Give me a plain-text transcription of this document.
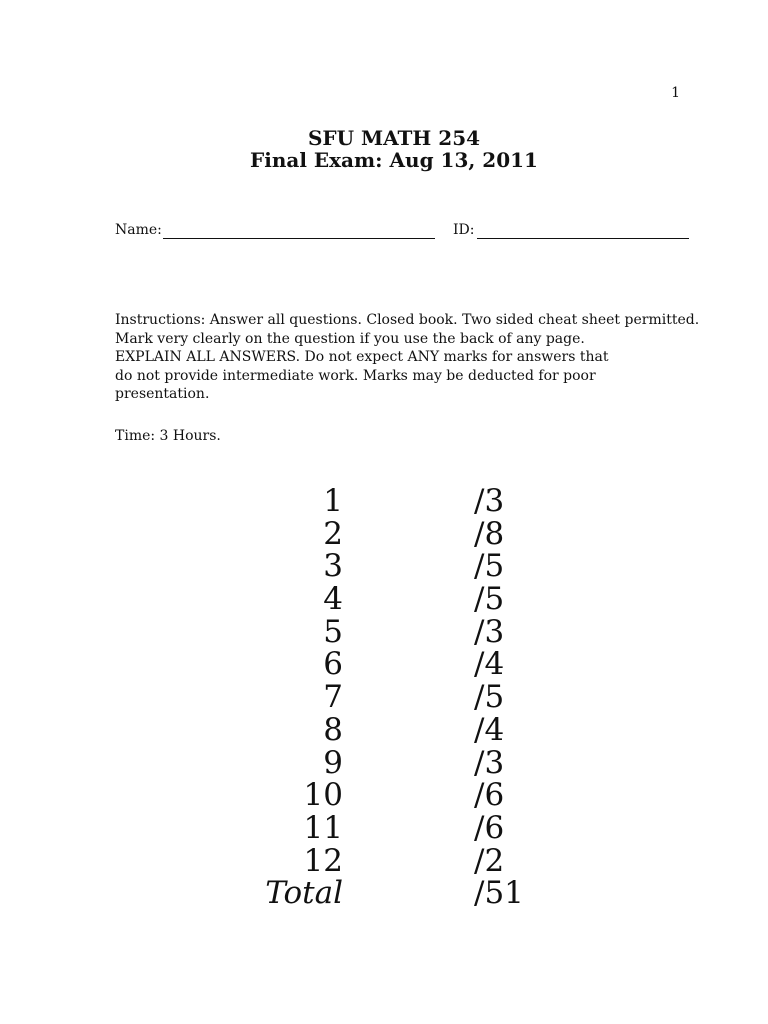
1
SFU MATH 254
Final Exam: Aug 13, 2011
Name:	ID:
Instructions: Answer all questions. Closed book. Two sided cheat sheet permitted.
Mark very clearly on the question if you use the back of any page.
EXPLAIN ALL ANSWERS. Do not expect ANY marks for answers that
do not provide intermediate work. Marks may be deducted for poor
presentation.
Time: 3 Hours.
1	/3
2	/8
3	/5
4	/5
5	/3
6	/4
7	/5
8	/4
9	/3
10	/6
11	/6
12	/2
Total	/51
